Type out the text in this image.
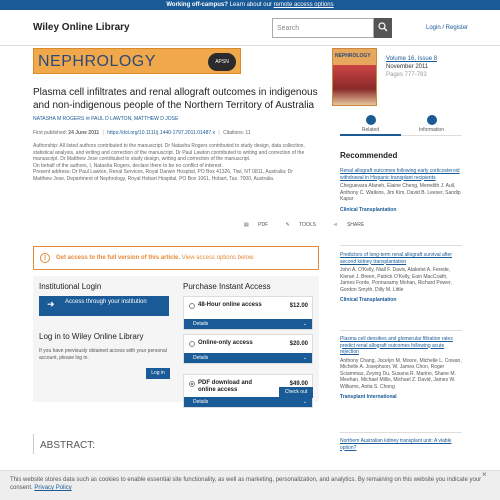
Working off-campus? Learn about our remote access options
Wiley Online Library	Search	Login / Register
NEPHROLOGY	APSN
NEPHROLOGY	Volume 16, Issue 8
November 2011
Pages 777-783
Plasma cell infiltrates and renal allograft outcomes in indigenous and non-indigenous people of the Northern Territory of Australia
NATASHA M ROGERS ✉ PAUL D LAWTON, MATTHEW D JOSE
First published: 24 June 2011 | https://doi.org/10.1111/j.1440-1797.2011.01487.x | Citations: 11
Authorship: All listed authors contributed to the manuscript. Dr Natasha Rogers contributed to study design, data collection, statistical analysis, and writing and correction of the manuscript. Dr Paul Lawton contributed to writing and correction of the manuscript. Dr Matthew Jose contributed to study design, writing and correction of the manuscript.
On behalf of the authors, I, Natasha Rogers, declare there to be no conflict of interest.
Present address: Dr Paul Lawton, Renal Services, Royal Darwin Hospital, PO Box 41326, Tiwi, NT 0811, Australia; Dr Matthew Jose, Department of Nephrology, Royal Hobart Hospital, PO Box 1061, Hobart, Tas. 7000, Australia.
▤ PDF	✎ TOOLS	⋖ SHARE
!	Get access to the full version of this article. View access options below.
Institutional Login
➜ Access through your institution
Log in to Wiley Online Library
If you have previously obtained access with your personal account, please log in.
Log in
Purchase Instant Access
48-Hour online access	$12.00
Details	⌄
Online-only access	$20.00
Details	⌄
PDF download and online access
$49.00
Details	⌄
Check out
ABSTRACT:
Related	Information
Recommended
Renal allograft outcomes following early corticosteroid withdrawal in Hispanic transplant recipients
Cheguevara Afaneh, Elaine Cheng, Meredith J. Aull, Anthony C. Watkins, Jim Kim, David B. Leeser, Sandip Kapur
Clinical Transplantation
Predictors of long-term renal allograft survival after second kidney transplantation
John A. O'Kelly, Niall F. Davis, Atakelet A. Ferede, Kieran J. Breen, Patrick O'Kelly, Eoin MacCraith, James Forde, Ponnusamy Mohan, Richard Power, Gordon Smyth, Dilly M. Little
Clinical Transplantation
Plasma cell densities and glomerular filtration rates predict renal allograft outcomes following acute rejection
Anthony Chang, Jocelyn M. Moore, Michelle L. Cowan, Michelle A. Josephson, W. James Chon, Roger Sciammas, Zeying Du, Susana R. Marino, Shane M. Meehan, Michael Millis, Michael Z. David, James W. Williams, Anita S. Chong
Transplant International
Northern Australian kidney transplant unit: A viable option?
This website stores data such as cookies to enable essential site functionality, as well as marketing, personalization, and analytics. By remaining on this website you indicate your consent. Privacy Policy
×
